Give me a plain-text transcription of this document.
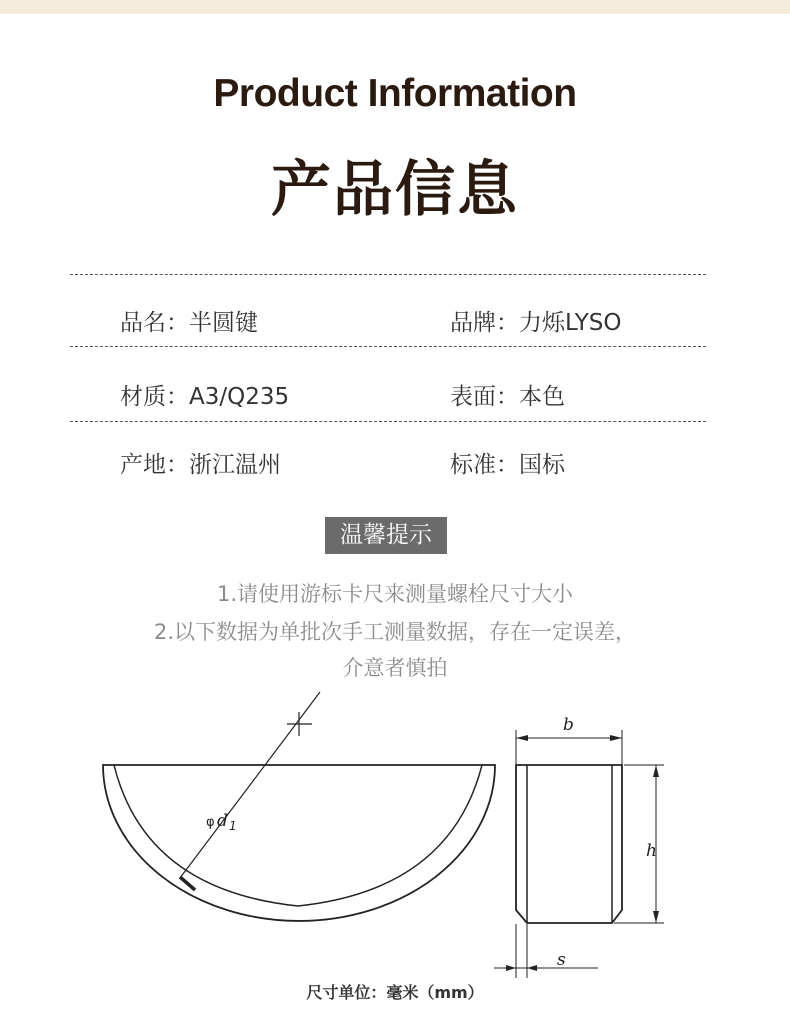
Product Information
产品信息
品名：半圆键	品牌：力烁LYSO
材质：A3/Q235	表面：本色
产地：浙江温州	标准：国标
温馨提示
1.请使用游标卡尺来测量螺栓尺寸大小
2.以下数据为单批次手工测量数据，存在一定误差，
介意者慎拍
φ d 1
b
h
s
尺寸单位：毫米（mm）
